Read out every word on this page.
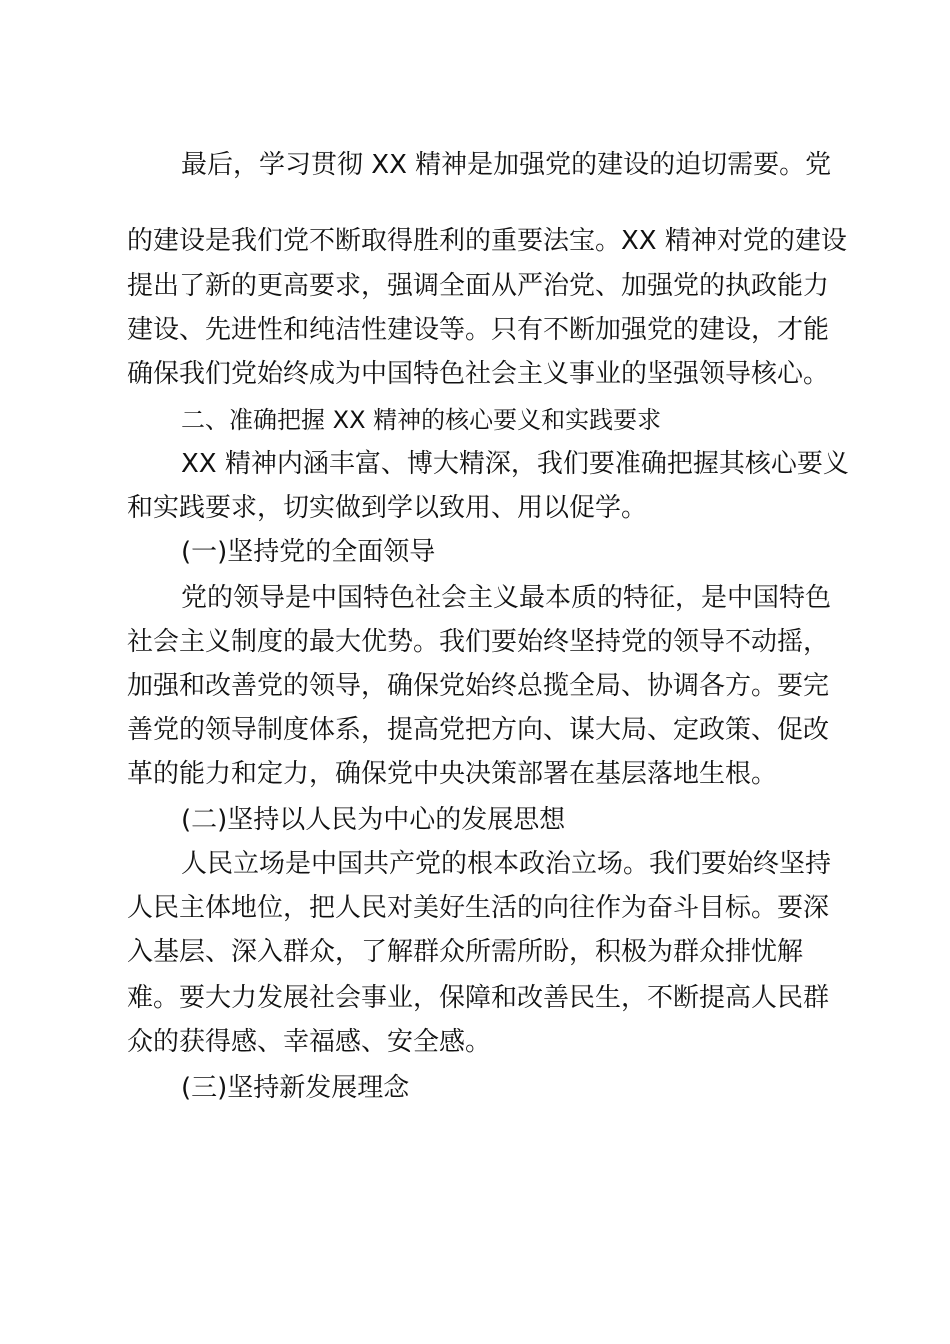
最后，学习贯彻 XX 精神是加强党的建设的迫切需要。党
的建设是我们党不断取得胜利的重要法宝。XX 精神对党的建设
提出了新的更高要求，强调全面从严治党、加强党的执政能力
建设、先进性和纯洁性建设等。只有不断加强党的建设，才能
确保我们党始终成为中国特色社会主义事业的坚强领导核心。
二、准确把握 XX 精神的核心要义和实践要求
XX 精神内涵丰富、博大精深，我们要准确把握其核心要义
和实践要求，切实做到学以致用、用以促学。
(一)坚持党的全面领导
党的领导是中国特色社会主义最本质的特征，是中国特色
社会主义制度的最大优势。我们要始终坚持党的领导不动摇，
加强和改善党的领导，确保党始终总揽全局、协调各方。要完
善党的领导制度体系，提高党把方向、谋大局、定政策、促改
革的能力和定力，确保党中央决策部署在基层落地生根。
(二)坚持以人民为中心的发展思想
人民立场是中国共产党的根本政治立场。我们要始终坚持
人民主体地位，把人民对美好生活的向往作为奋斗目标。要深
入基层、深入群众，了解群众所需所盼，积极为群众排忧解
难。要大力发展社会事业，保障和改善民生，不断提高人民群
众的获得感、幸福感、安全感。
(三)坚持新发展理念
